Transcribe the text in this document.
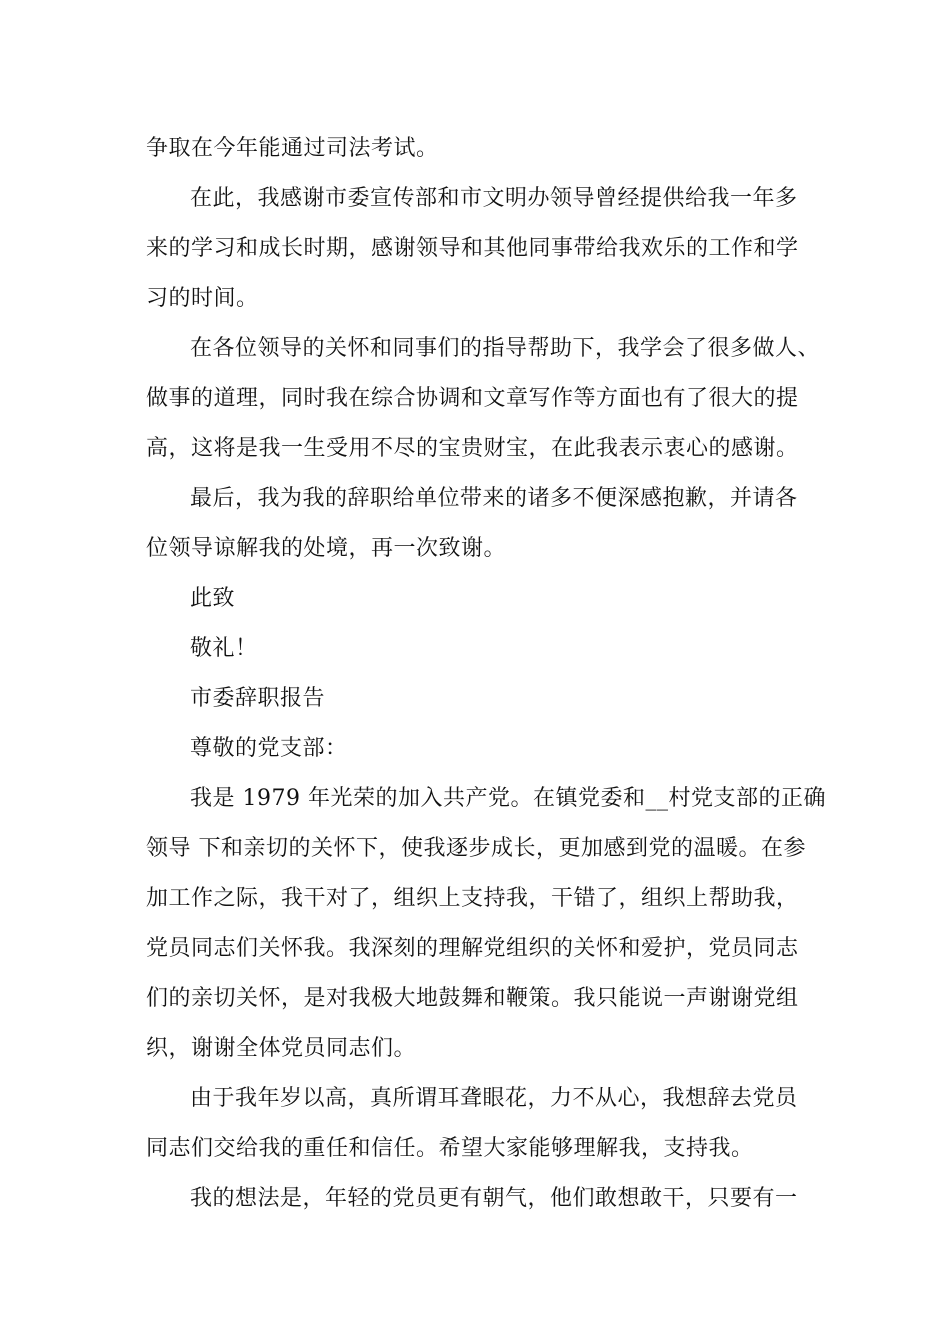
争取在今年能通过司法考试。
在此，我感谢市委宣传部和市文明办领导曾经提供给我一年多
来的学习和成长时期，感谢领导和其他同事带给我欢乐的工作和学
习的时间。
在各位领导的关怀和同事们的指导帮助下，我学会了很多做人、
做事的道理，同时我在综合协调和文章写作等方面也有了很大的提
高，这将是我一生受用不尽的宝贵财宝，在此我表示衷心的感谢。
最后，我为我的辞职给单位带来的诸多不便深感抱歉，并请各
位领导谅解我的处境，再一次致谢。
此致
敬礼！
市委辞职报告
尊敬的党支部：
我是 1979 年光荣的加入共产党。在镇党委和__村党支部的正确
领导 下和亲切的关怀下，使我逐步成长，更加感到党的温暖。在参
加工作之际，我干对了，组织上支持我，干错了，组织上帮助我，
党员同志们关怀我。我深刻的理解党组织的关怀和爱护，党员同志
们的亲切关怀，是对我极大地鼓舞和鞭策。我只能说一声谢谢党组
织，谢谢全体党员同志们。
由于我年岁以高，真所谓耳聋眼花，力不从心，我想辞去党员
同志们交给我的重任和信任。希望大家能够理解我，支持我。
我的想法是，年轻的党员更有朝气，他们敢想敢干，只要有一
